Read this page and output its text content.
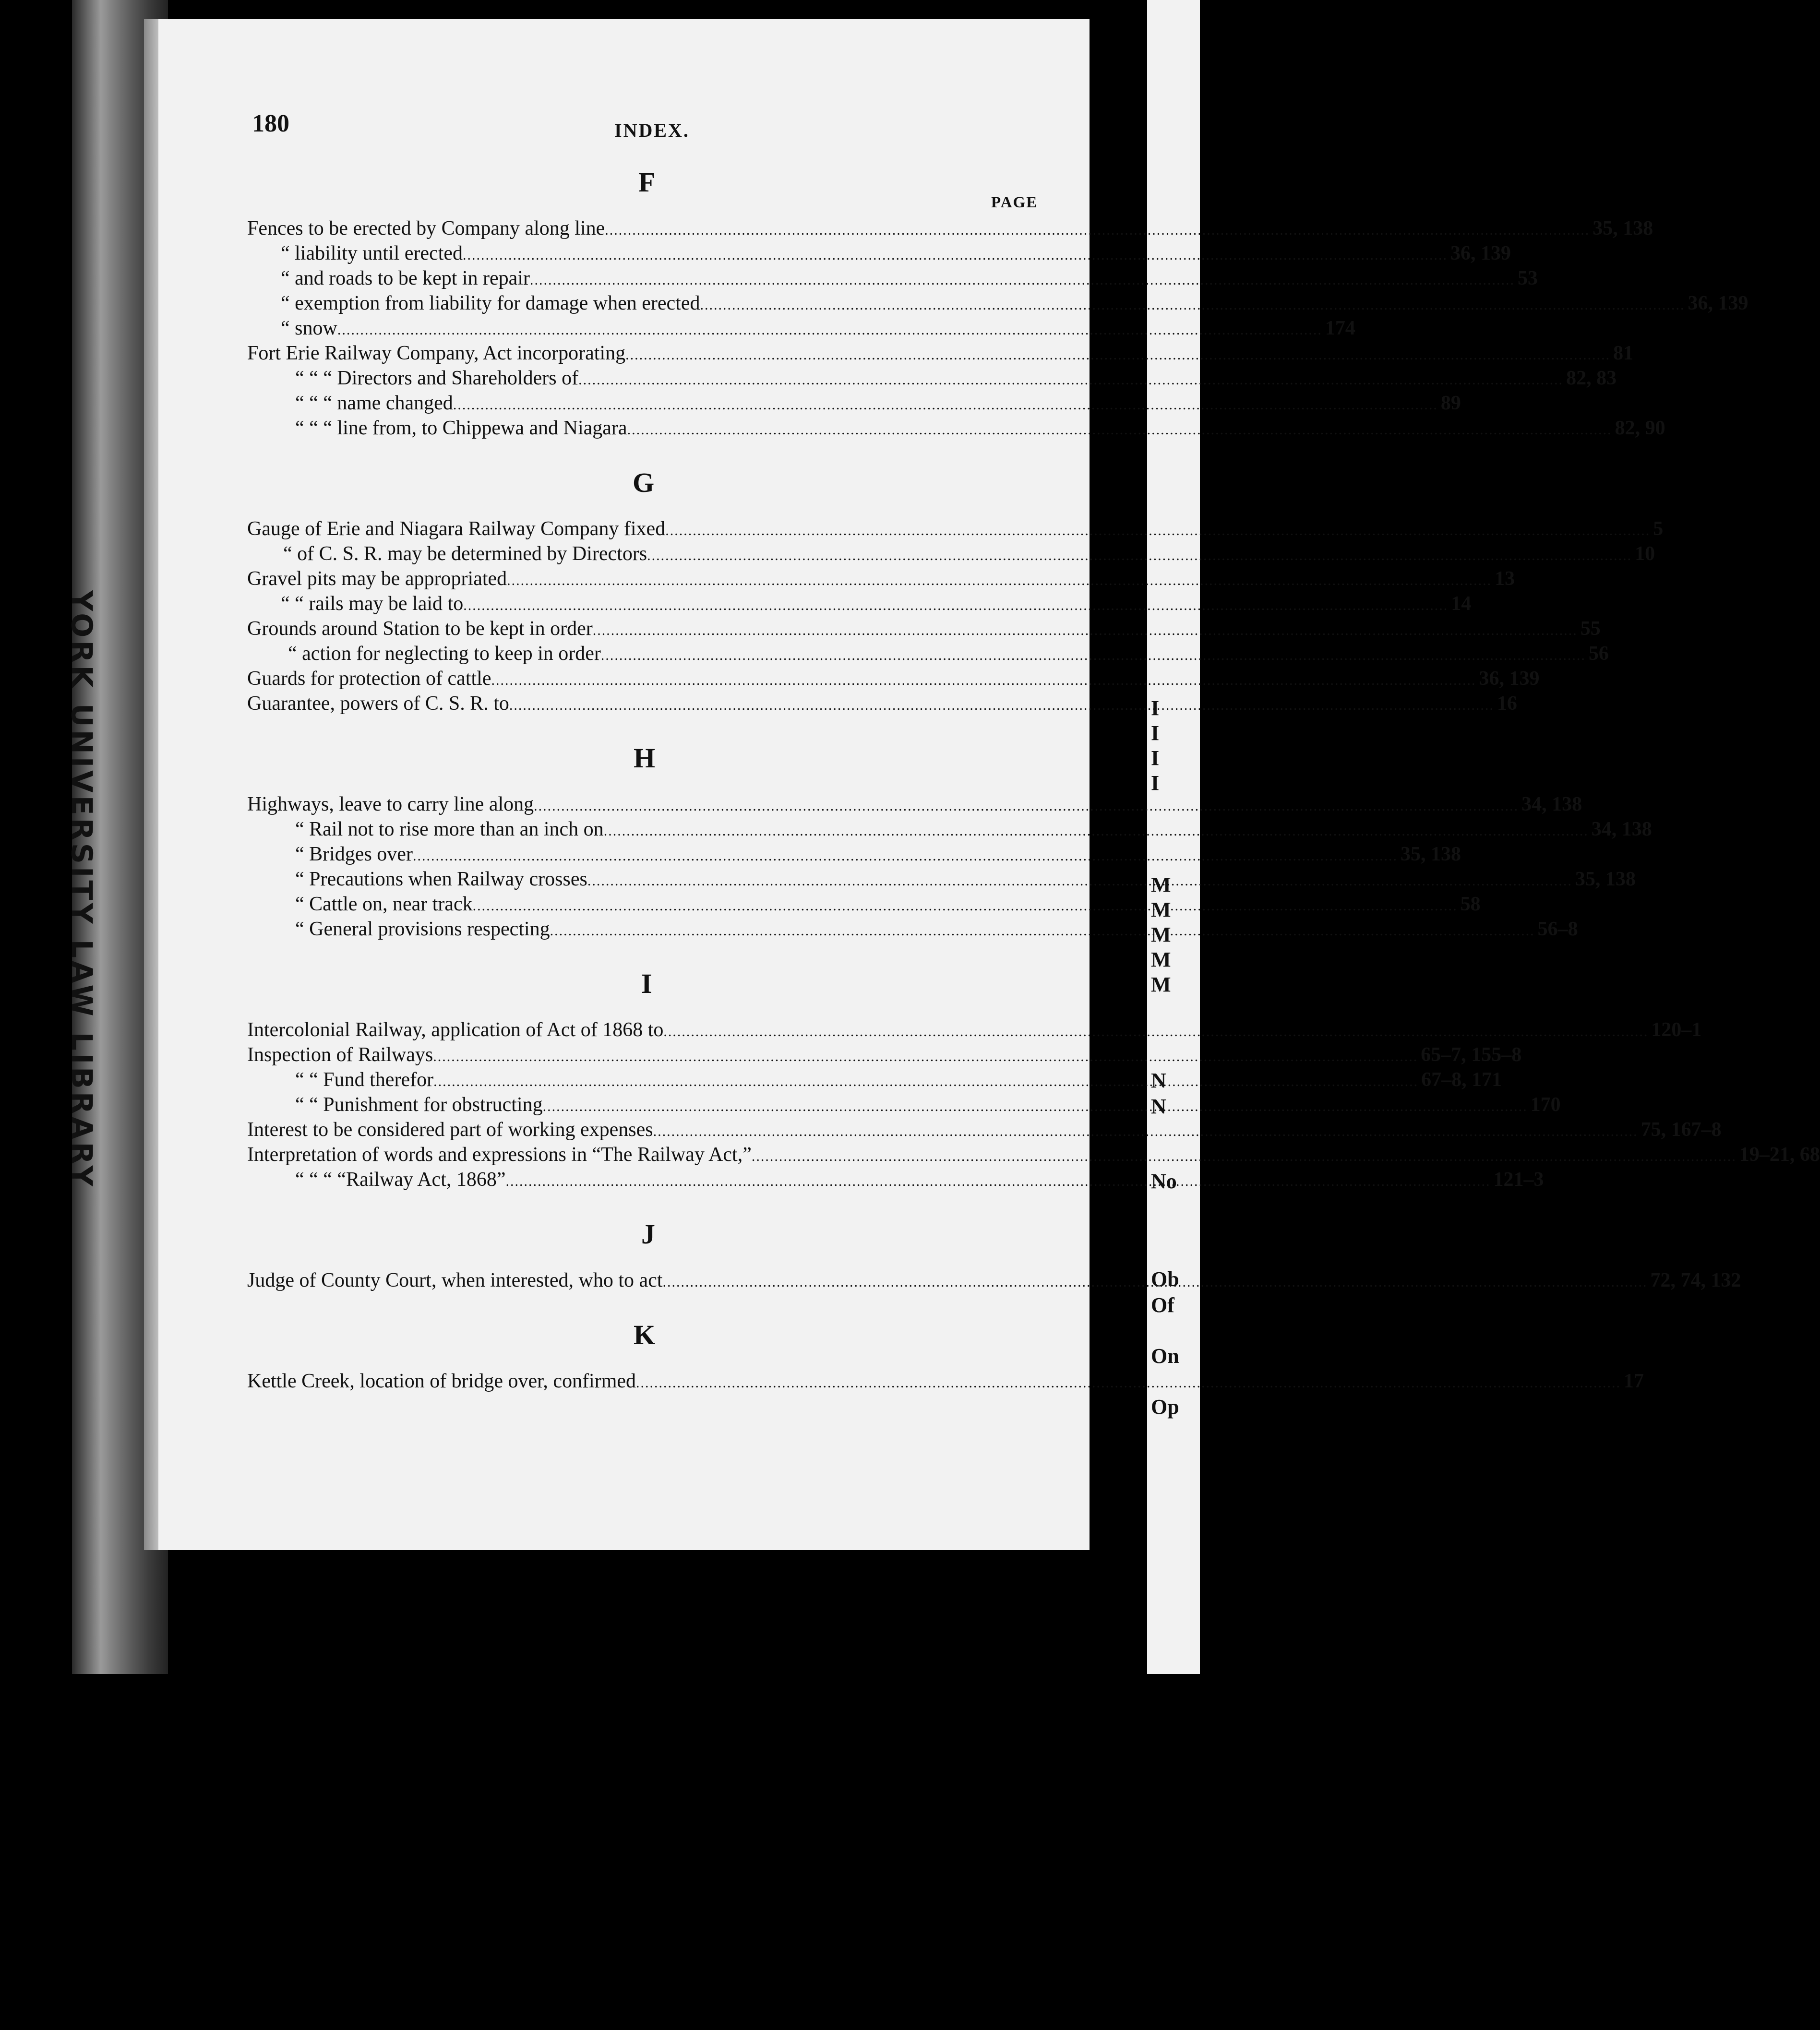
YORK UNIVERSITY LAW LIBRARY	I
I
I
I
M
M
M
M
M
N
N
No
Ob
Of
On
Op
180	INDEX.
PAGE
F
Fences to be erected by Company along line .....	35, 138
“ liability until erected .....	36, 139
“ and roads to be kept in repair .....	53
“ exemption from liability for damage when erected .....	36, 139
“ snow .....	174
Fort Erie Railway Company, Act incorporating .....	81
“ “ “ Directors and Shareholders of .....	82, 83
“ “ “ name changed .....	89
“ “ “ line from, to Chippewa and Niagara .....	82, 90
G
Gauge of Erie and Niagara Railway Company fixed .....	5
“ of C. S. R. may be determined by Directors .....	10
Gravel pits may be appropriated .....	13
“ “ rails may be laid to .....	14
Grounds around Station to be kept in order .....	55
“ action for neglecting to keep in order .....	56
Guards for protection of cattle .....	36, 139
Guarantee, powers of C. S. R. to .....	16
H
Highways, leave to carry line along .....	34, 138
“ Rail not to rise more than an inch on .....	34, 138
“ Bridges over .....	35, 138
“ Precautions when Railway crosses .....	35, 138
“ Cattle on, near track .....	58
“ General provisions respecting .....	56–8
I
Intercolonial Railway, application of Act of 1868 to .....	120–1
Inspection of Railways .....	65–7, 155–8
“ “ Fund therefor .....	67–8, 171
“ “ Punishment for obstructing .....	170
Interest to be considered part of working expenses .....	75, 167–8
Interpretation of words and expressions in “The Railway Act,” .....	19–21, 68
“ “ “ “Railway Act, 1868” .....	121–3
J
Judge of County Court, when interested, who to act .....	72, 74, 132
K
Kettle Creek, location of bridge over, confirmed .....	17
